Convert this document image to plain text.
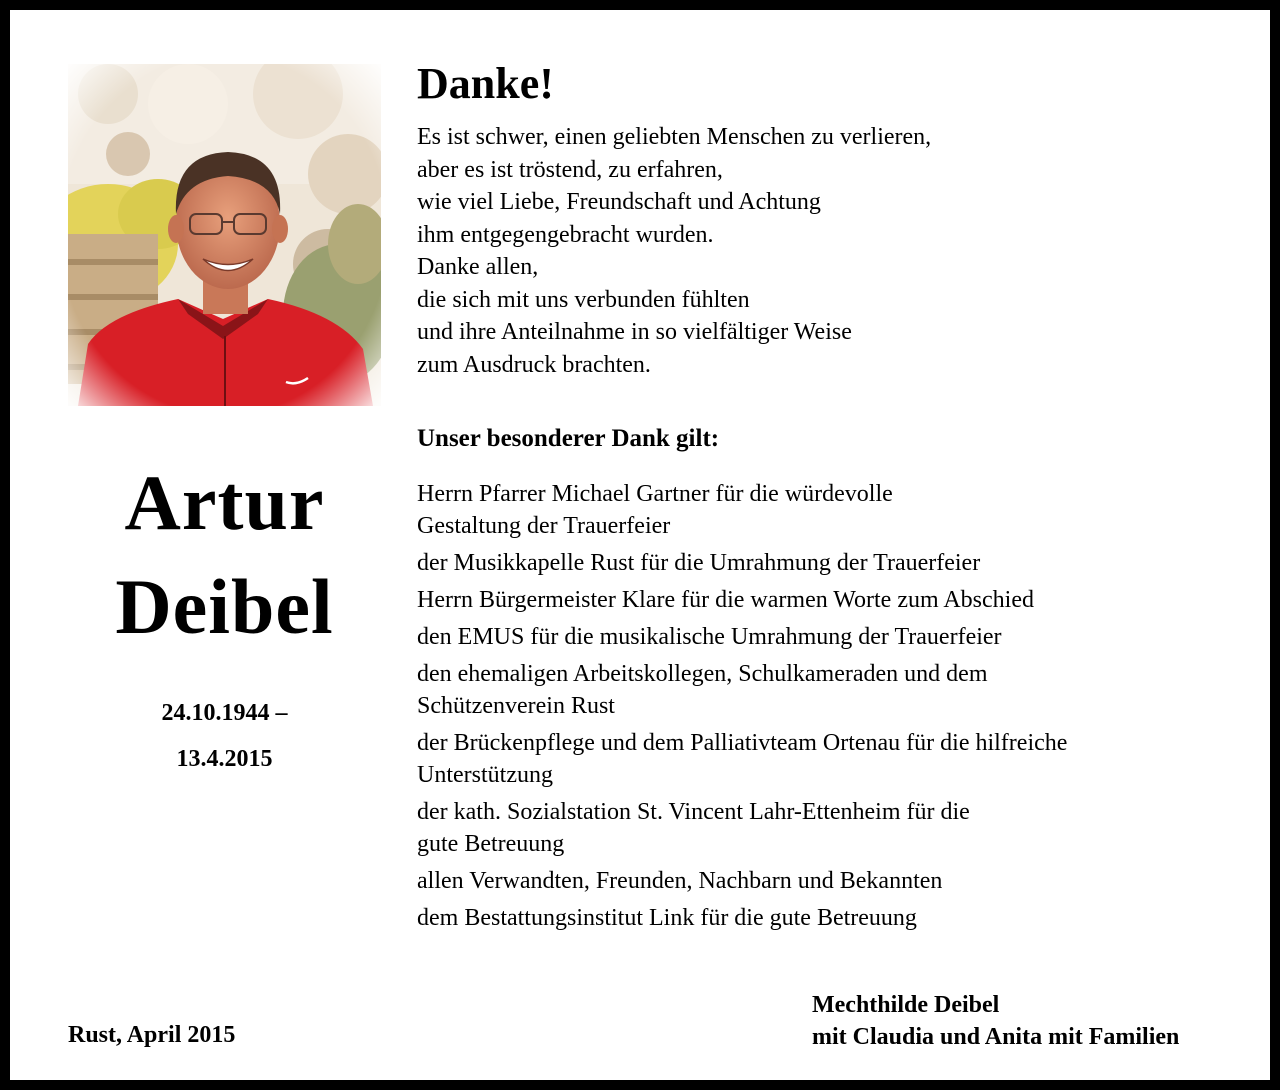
Artur
Deibel
24.10.1944 –
13.4.2015
Rust, April 2015
Danke!
Es ist schwer, einen geliebten Menschen zu verlieren,
aber es ist tröstend, zu erfahren,
wie viel Liebe, Freundschaft und Achtung
ihm entgegengebracht wurden.
Danke allen,
die sich mit uns verbunden fühlten
und ihre Anteilnahme in so vielfältiger Weise
zum Ausdruck brachten.
Unser besonderer Dank gilt:
Herrn Pfarrer Michael Gartner für die würdevolle
Gestaltung der Trauerfeier
der Musikkapelle Rust für die Umrahmung der Trauerfeier
Herrn Bürgermeister Klare für die warmen Worte zum Abschied
den EMUS für die musikalische Umrahmung der Trauerfeier
den ehemaligen Arbeitskollegen, Schulkameraden und dem
Schützenverein Rust
der Brückenpflege und dem Palliativteam Ortenau für die hilfreiche
Unterstützung
der kath. Sozialstation St. Vincent Lahr-Ettenheim für die
gute Betreuung
allen Verwandten, Freunden, Nachbarn und Bekannten
dem Bestattungsinstitut Link für die gute Betreuung
Mechthilde Deibel
mit Claudia und Anita mit Familien
